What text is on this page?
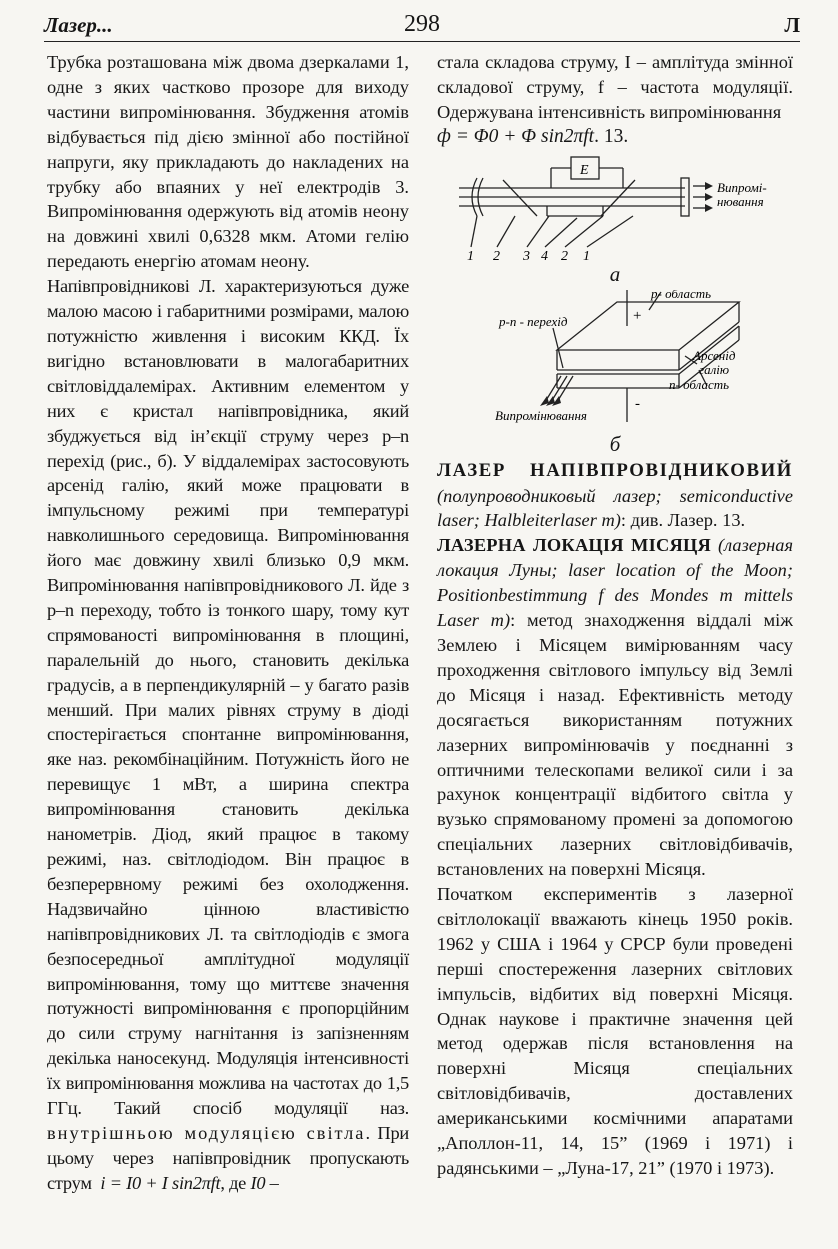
Лазер...	298	Л

Трубка розташована між двома дзеркалами 1, одне з яких частково прозоре для виходу частини випромінювання. Збудження атомів відбувається під дією змінної або постійної напруги, яку прикладають до накладених на трубку або впаяних у неї електродів 3. Випромінювання одержують від атомів неону на довжині хвилі 0,6328 мкм. Атоми гелію передають енергію атомам неону.

Напівпровідникові Л. характеризуються дуже малою масою і габаритними розмірами, малою потужністю живлення і високим ККД. Їх вигідно встановлювати в малогабаритних світловіддалемірах. Активним елементом у них є кристал напівпровідника, який збуджується від ін’єкції струму через p–n перехід (рис., б). У віддалемірах застосовують арсенід галію, який може працювати в імпульсному режимі при температурі навколишнього середовища. Випромінювання його має довжину хвилі близько 0,9 мкм. Випромінювання напівпровідникового Л. йде з p–n переходу, тобто із тонкого шару, тому кут спрямованості випромінювання в площині, паралельній до нього, становить декілька градусів, а в перпендикулярній – у багато разів менший. При малих рівнях струму в діоді спостерігається спонтанне випромінювання, яке наз. рекомбінаційним. Потужність його не перевищує 1 мВт, а ширина спектра випромінювання становить декілька нанометрів. Діод, який працює в такому режимі, наз. світлодіодом. Він працює в безперервному режимі без охолодження. Надзвичайно цінною властивістю напівпровідникових Л. та світлодіодів є змога безпосередньої амплітудної модуляції випромінювання, тому що миттєве значення потужності випромінювання є пропорційним до сили струму нагнітання із запізненням декілька наносекунд. Модуляція інтенсивності їх випромінювання можлива на частотах до 1,5 ГГц. Такий спосіб модуляції наз. внутрішньою модуляцією світла. При цьому через напівпровідник пропускають струм i = I0 + I sin2πft, де I0 –

стала складова струму, I – амплітуда змінної складової струму, f – частота модуляції. Одержувана інтенсивність випромінювання

ф = Φ0 + Φ sin2πft. 13.

E
Випромі-
нювання
1 2 3 4 2 1
а
p- область
p-n - перехід	+
-
Арсенід
галію
n- область
Випромінювання
б

ЛАЗЕР НАПІВПРОВІДНИКОВИЙ (полупроводниковый лазер; semiconductive laser; Halbleiterlaser m): див. Лазер. 13.

ЛАЗЕРНА ЛОКАЦІЯ МІСЯЦЯ (лазерная локация Луны; laser location of the Moon; Positionbestimmung f des Mondes m mittels Laser m): метод знаходження віддалі між Землею і Місяцем вимірюванням часу проходження світлового імпульсу від Землі до Місяця і назад. Ефективність методу досягається використанням потужних лазерних випромінювачів у поєднанні з оптичними телескопами великої сили і за рахунок концентрації відбитого світла у вузько спрямованому промені за допомогою спеціальних лазерних світловідбивачів, встановлених на поверхні Місяця.

Початком експериментів з лазерної світлолокації вважають кінець 1950 років. 1962 у США і 1964 у СРСР були проведені перші спостереження лазерних світлових імпульсів, відбитих від поверхні Місяця. Однак наукове і практичне значення цей метод одержав після встановлення на поверхні Місяця спеціальних світловідбивачів, доставлених американськими космічними апаратами „Аполлон-11, 14, 15” (1969 і 1971) і радянськими – „Луна-17, 21” (1970 і 1973).
